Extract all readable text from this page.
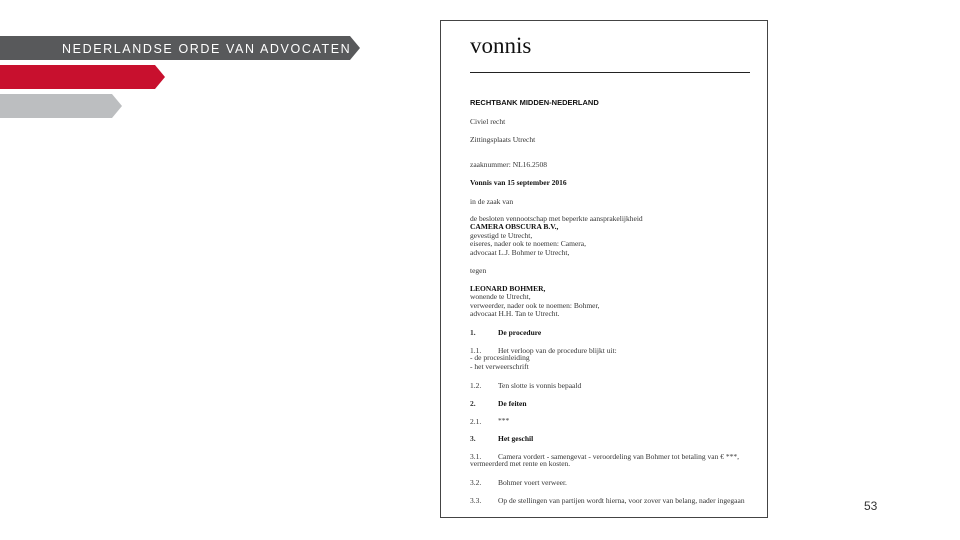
NEDERLANDSE ORDE VAN ADVOCATEN	vonnis
RECHTBANK MIDDEN-NEDERLAND
Civiel recht
Zittingsplaats Utrecht
zaaknummer: NL16.2508
Vonnis van 15 september 2016
in de zaak van
de besloten vennootschap met beperkte aansprakelijkheid
CAMERA OBSCURA B.V.,
gevestigd te Utrecht,
eiseres, nader ook te noemen: Camera,
advocaat L.J. Bohmer te Utrecht,
tegen
LEONARD BOHMER,
wonende te Utrecht,
verweerder, nader ook te noemen: Bohmer,
advocaat H.H. Tan te Utrecht.
1.	De procedure
1.1. Het verloop van de procedure blijkt uit:
- de procesinleiding
- het verweerschrift
1.2. Ten slotte is vonnis bepaald
2.	De feiten
2.1. ***
3.	Het geschil
3.1. Camera vordert - samengevat - veroordeling van Bohmer tot betaling van € ***,
vermeerderd met rente en kosten.
3.2. Bohmer voert verweer.
3.3. Op de stellingen van partijen wordt hierna, voor zover van belang, nader ingegaan	53
